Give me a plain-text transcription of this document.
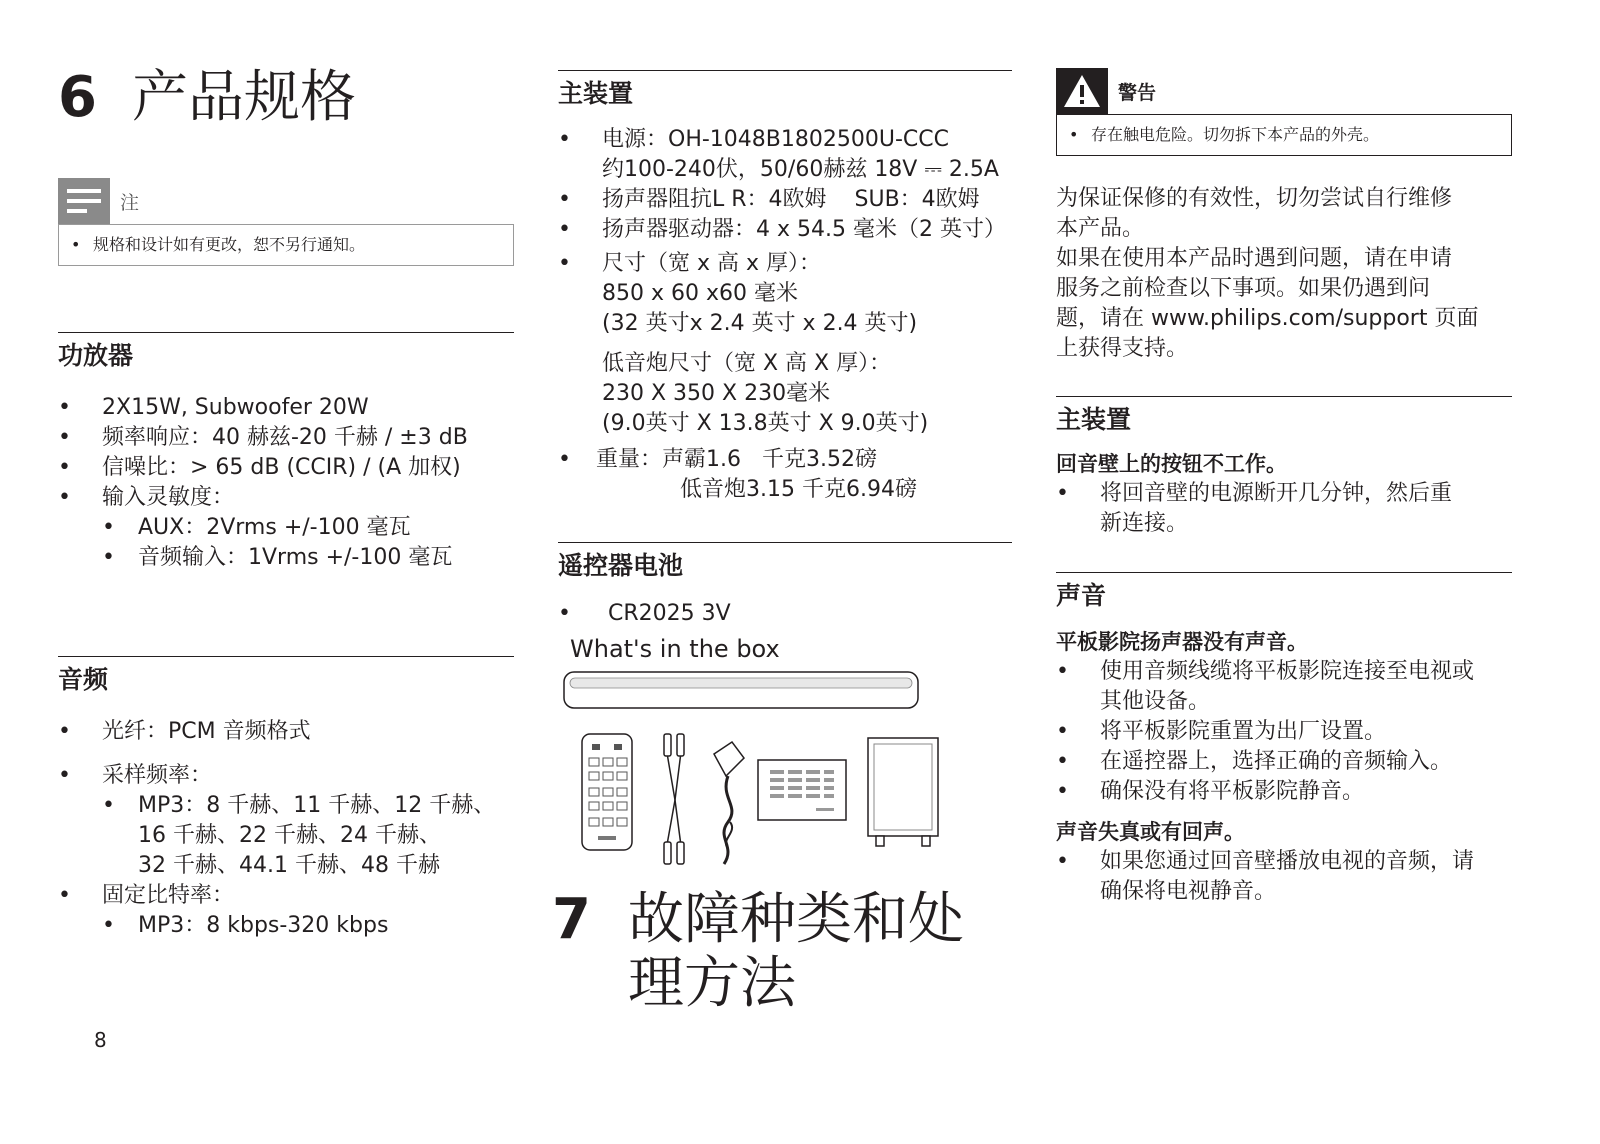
6 产品规格
注
• 规格和设计如有更改，恕不另行通知。
功放器
• 2X15W, Subwoofer 20W
• 频率响应：40 赫兹-20 千赫 / ±3 dB
• 信噪比：> 65 dB (CCIR) / (A 加权)
• 输入灵敏度：
• AUX：2Vrms +/-100 毫瓦
• 音频输入：1Vrms +/-100 毫瓦
音频
• 光纤：PCM 音频格式
• 采样频率：
• MP3：8 千赫、11 千赫、12 千赫、
16 千赫、22 千赫、24 千赫、
32 千赫、44.1 千赫、48 千赫
• 固定比特率：
• MP3：8 kbps-320 kbps
8
主装置
• 电源：OH-1048B1802500U-CCC
约100-240伏，50/60赫兹 18V ⎓ 2.5A
• 扬声器阻抗L R：4欧姆    SUB：4欧姆
• 扬声器驱动器：4 x 54.5 毫米（2 英寸）
• 尺寸（宽 x 高 x 厚）：
850 x 60 x60 毫米
(32 英寸x 2.4 英寸 x 2.4 英寸)
低音炮尺寸（宽 X 高 X 厚）：
230 X 350 X 230毫米
(9.0英寸 X 13.8英寸 X 9.0英寸)
• 重量：声霸1.6   千克3.52磅
低音炮3.15 千克6.94磅
遥控器电池
• CR2025 3V
What's in the box
7 故障种类和处
理方法
警告
• 存在触电危险。切勿拆下本产品的外壳。

为保证保修的有效性，切勿尝试自行维修

本产品。

如果在使用本产品时遇到问题，请在申请

服务之前检查以下事项。如果仍遇到问

题，请在 www.philips.com/support 页面

上获得支持。

主装置

回音壁上的按钮不工作。

• 将回音壁的电源断开几分钟，然后重
新连接。
声音

平板影院扬声器没有声音。

• 使用音频线缆将平板影院连接至电视或
其他设备。
• 将平板影院重置为出厂设置。
• 在遥控器上，选择正确的音频输入。
• 确保没有将平板影院静音。

声音失真或有回声。

• 如果您通过回音壁播放电视的音频，请
确保将电视静音。
